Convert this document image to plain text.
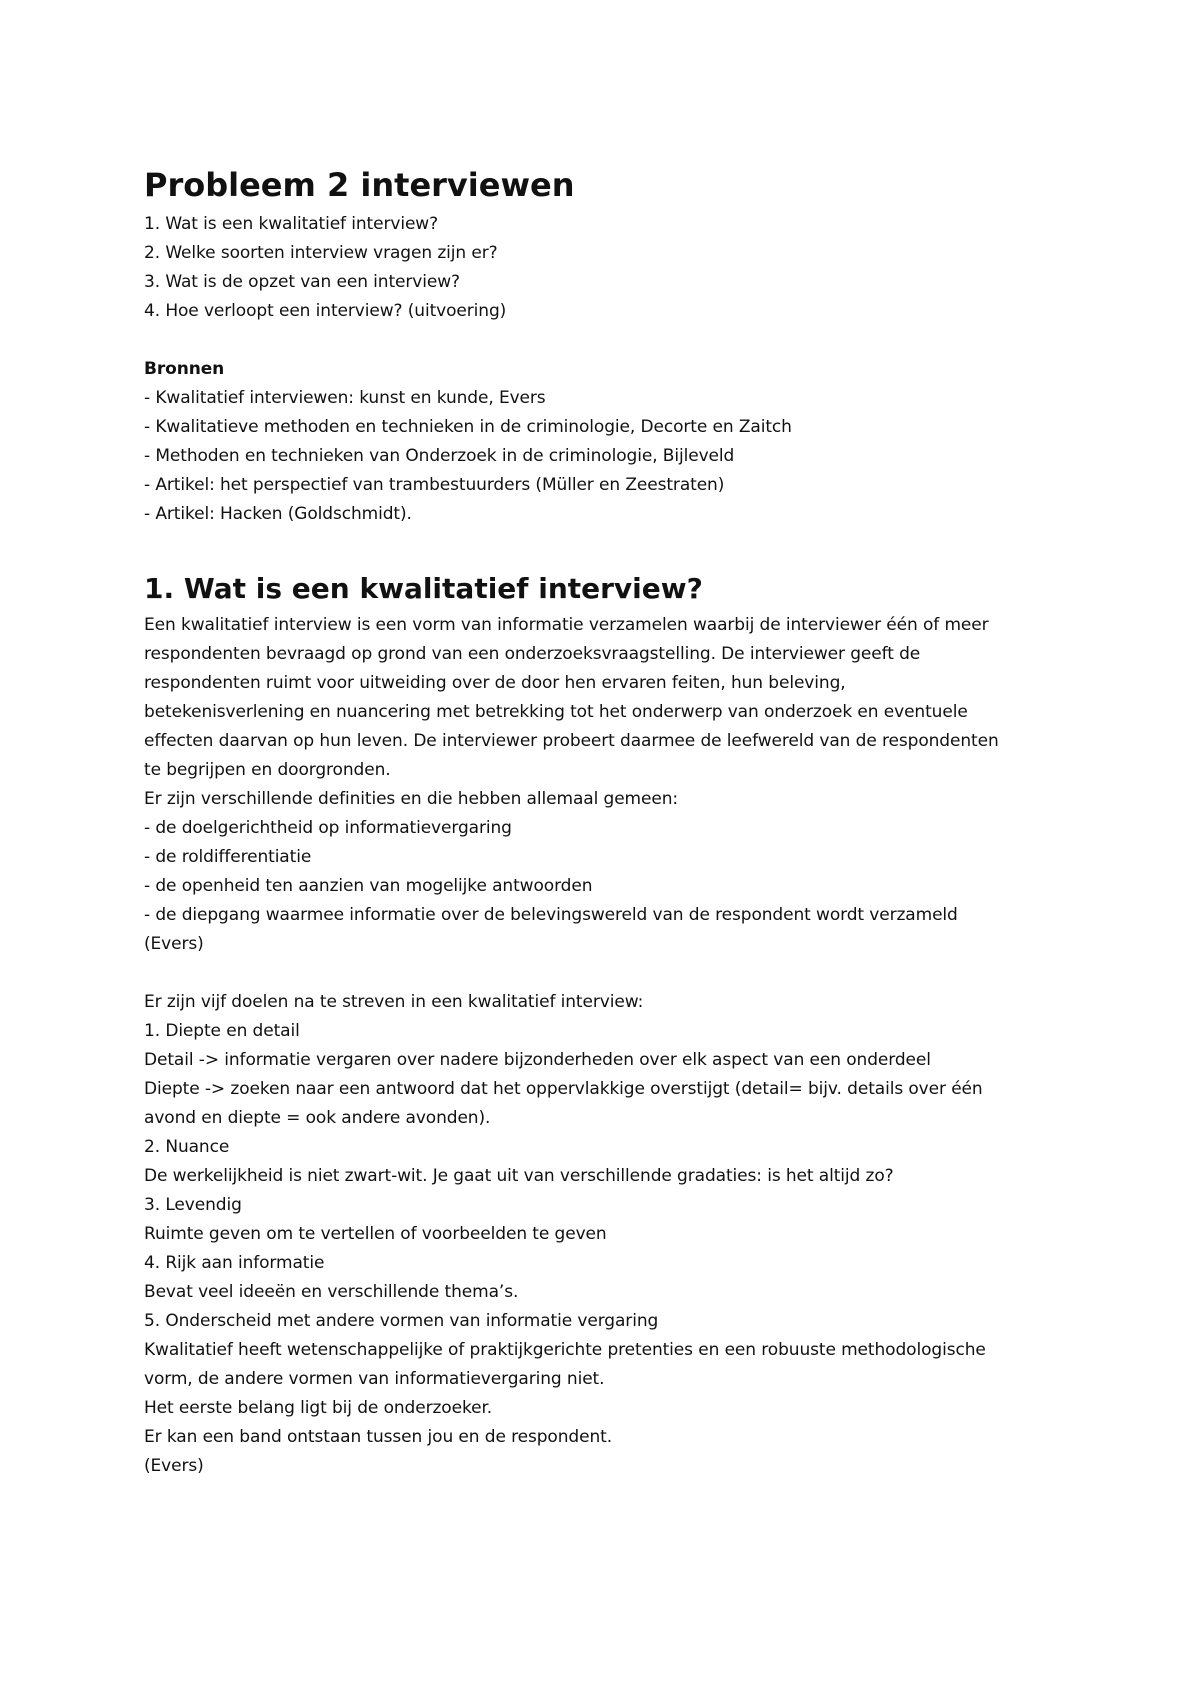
Probleem 2 interviewen
1. Wat is een kwalitatief interview?
2. Welke soorten interview vragen zijn er?
3. Wat is de opzet van een interview?
4. Hoe verloopt een interview? (uitvoering)
Bronnen
- Kwalitatief interviewen: kunst en kunde, Evers
- Kwalitatieve methoden en technieken in de criminologie, Decorte en Zaitch
- Methoden en technieken van Onderzoek in de criminologie, Bijleveld
- Artikel: het perspectief van trambestuurders (Müller en Zeestraten)
- Artikel: Hacken (Goldschmidt).
1. Wat is een kwalitatief interview?
Een kwalitatief interview is een vorm van informatie verzamelen waarbij de interviewer één of meer
respondenten bevraagd op grond van een onderzoeksvraagstelling. De interviewer geeft de
respondenten ruimt voor uitweiding over de door hen ervaren feiten, hun beleving,
betekenisverlening en nuancering met betrekking tot het onderwerp van onderzoek en eventuele
effecten daarvan op hun leven. De interviewer probeert daarmee de leefwereld van de respondenten
te begrijpen en doorgronden.
Er zijn verschillende definities en die hebben allemaal gemeen:
- de doelgerichtheid op informatievergaring
- de roldifferentiatie
- de openheid ten aanzien van mogelijke antwoorden
- de diepgang waarmee informatie over de belevingswereld van de respondent wordt verzameld
(Evers)
Er zijn vijf doelen na te streven in een kwalitatief interview:
1. Diepte en detail
Detail -> informatie vergaren over nadere bijzonderheden over elk aspect van een onderdeel
Diepte -> zoeken naar een antwoord dat het oppervlakkige overstijgt (detail= bijv. details over één
avond en diepte = ook andere avonden).
2. Nuance
De werkelijkheid is niet zwart-wit. Je gaat uit van verschillende gradaties: is het altijd zo?
3. Levendig
Ruimte geven om te vertellen of voorbeelden te geven
4. Rijk aan informatie
Bevat veel ideeën en verschillende thema’s.
5. Onderscheid met andere vormen van informatie vergaring
Kwalitatief heeft wetenschappelijke of praktijkgerichte pretenties en een robuuste methodologische
vorm, de andere vormen van informatievergaring niet.
Het eerste belang ligt bij de onderzoeker.
Er kan een band ontstaan tussen jou en de respondent.
(Evers)
